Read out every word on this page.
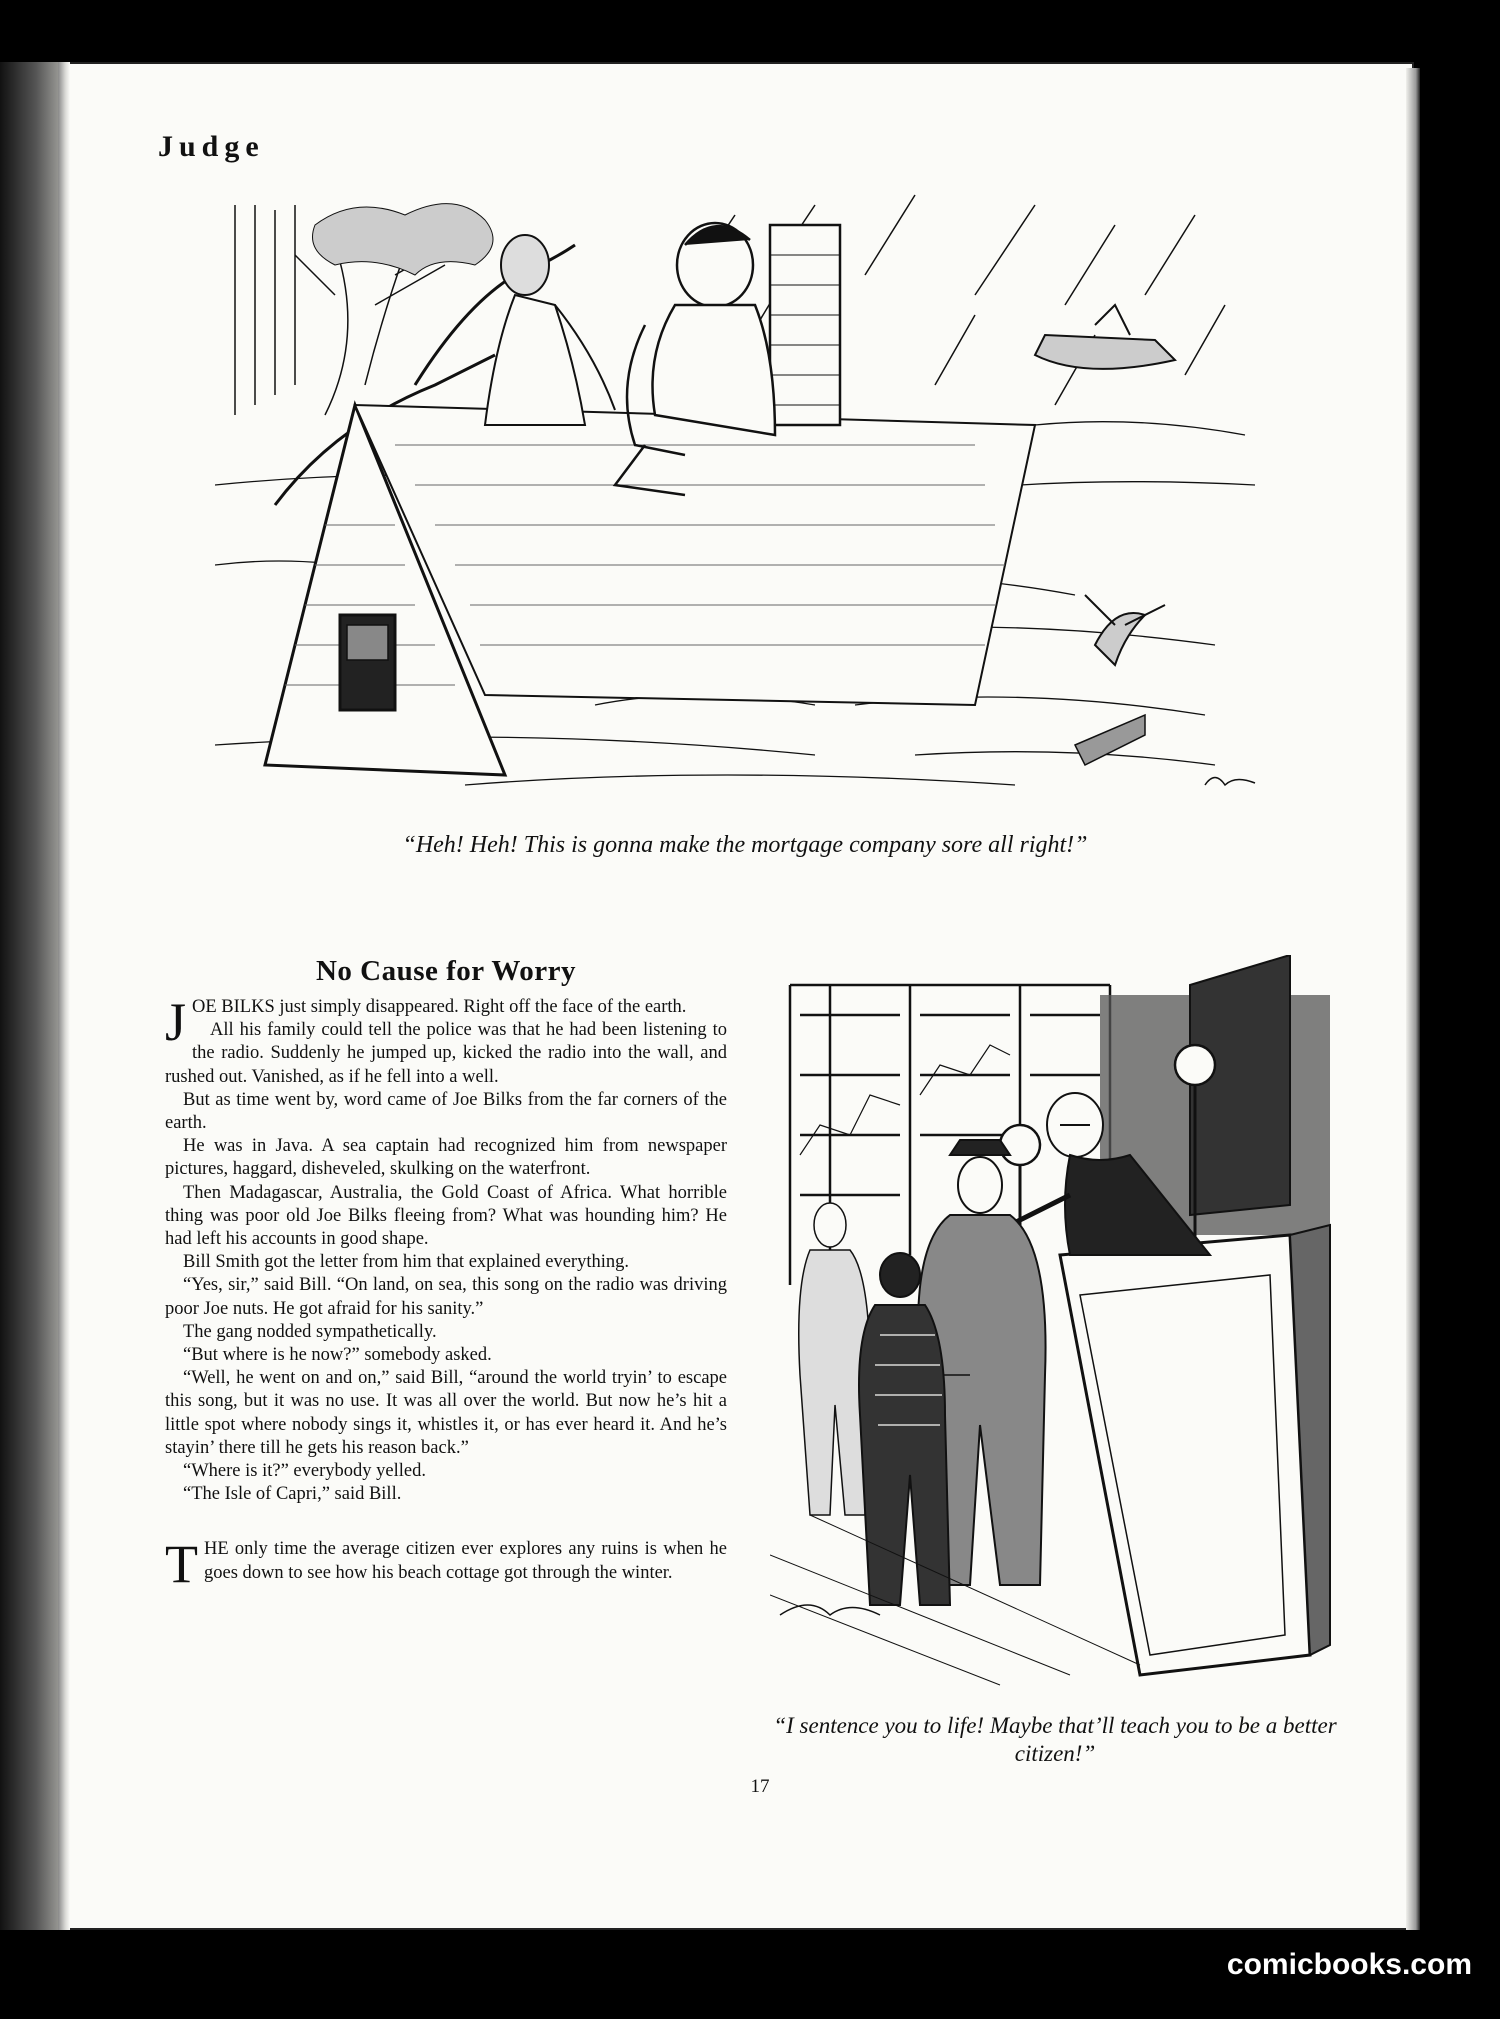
Judge
“Heh! Heh! This is gonna make the mortgage company sore all right!”
No Cause for Worry

JOE BILKS just simply disappeared. Right off the face of the earth.

All his family could tell the police was that he had been listening to the radio. Suddenly he jumped up, kicked the radio into the wall, and rushed out. Vanished, as if he fell into a well.

But as time went by, word came of Joe Bilks from the far corners of the earth.

He was in Java. A sea captain had recognized him from newspaper pictures, haggard, disheveled, skulking on the waterfront.

Then Madagascar, Australia, the Gold Coast of Africa. What horrible thing was poor old Joe Bilks fleeing from? What was hounding him? He had left his accounts in good shape.

Bill Smith got the letter from him that explained everything.

“Yes, sir,” said Bill. “On land, on sea, this song on the radio was driving poor Joe nuts. He got afraid for his sanity.”

The gang nodded sympathetically.

“But where is he now?” somebody asked.

“Well, he went on and on,” said Bill, “around the world tryin’ to escape this song, but it was no use. It was all over the world. But now he’s hit a little spot where nobody sings it, whistles it, or has ever heard it. And he’s stayin’ there till he gets his reason back.”

“Where is it?” everybody yelled.

“The Isle of Capri,” said Bill.

THE only time the average citizen ever explores any ruins is when he goes down to see how his beach cottage got through the winter.

“I sentence you to life! Maybe that’ll teach you to be a better citizen!”
17
comicbooks.com
